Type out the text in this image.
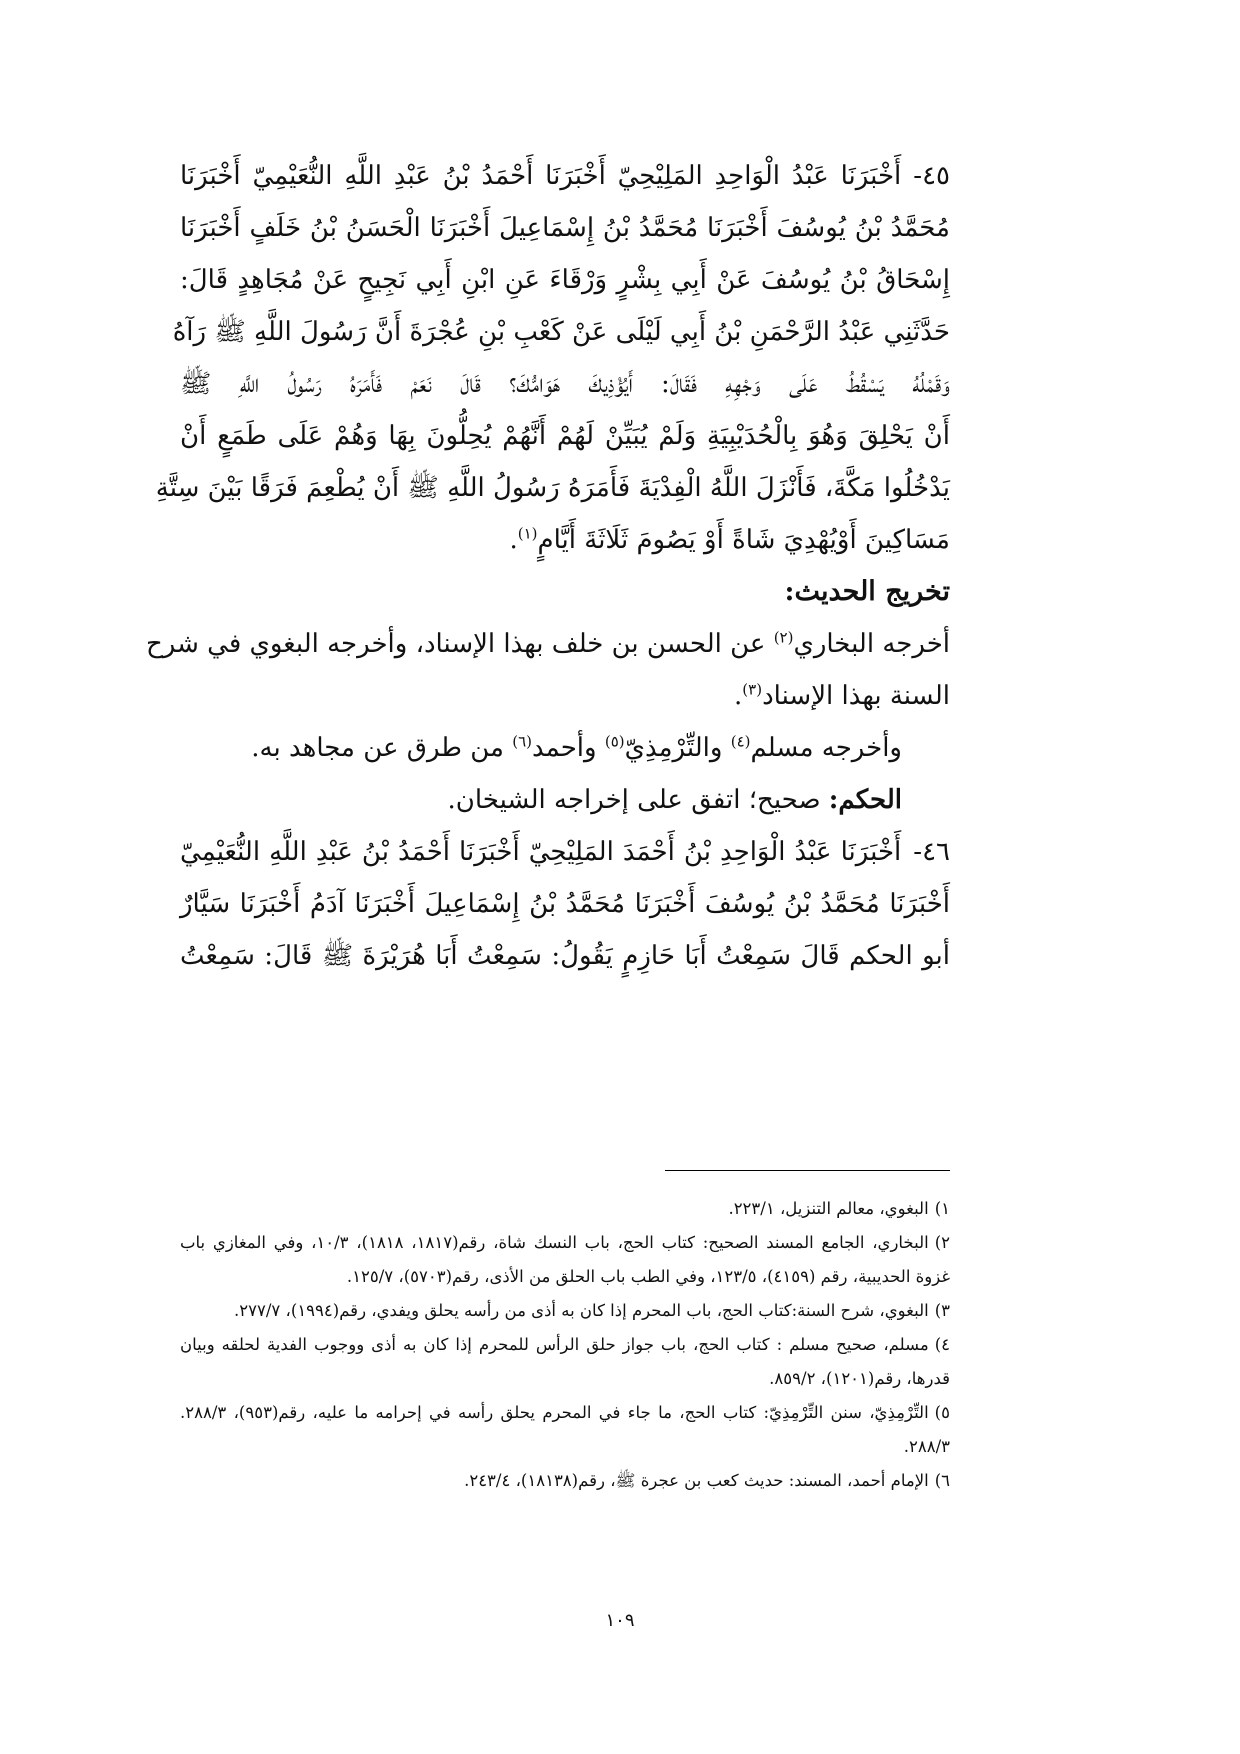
٤٥-أَخْبَرَنَا عَبْدُ الْوَاحِدِ المَلِيْحِيّ أَخْبَرَنَا أَحْمَدُ بْنُ عَبْدِ اللَّهِ النُّعَيْمِيّ أَخْبَرَنَا
مُحَمَّدُ بْنُ يُوسُفَ أَخْبَرَنَا مُحَمَّدُ بْنُ إِسْمَاعِيلَ أَخْبَرَنَا الْحَسَنُ بْنُ خَلَفٍ أَخْبَرَنَا
إِسْحَاقُ بْنُ يُوسُفَ عَنْ أَبِي بِشْرٍ وَرْقَاءَ عَنِ ابْنِ أَبِي نَجِيحٍ عَنْ مُجَاهِدٍ قَالَ:
حَدَّثَنِي عَبْدُ الرَّحْمَنِ بْنُ أَبِي لَيْلَى عَنْ كَعْبِ بْنِ عُجْرَةَ أَنَّ رَسُولَ اللَّهِ ﷺ رَآهُ
وَقَمْلُهُ يَسْقُطُ عَلَى وَجْهِهِ فَقَالَ: أَيُؤْذِيكَ هَوَامُّكَ؟ قَالَ نَعَمْ فَأَمَرَهُ رَسُولُ اللَّهِ ﷺ
أَنْ يَحْلِقَ وَهُوَ بِالْحُدَيْبِيَةِ وَلَمْ يُبَيِّنْ لَهُمْ أَنَّهُمْ يُحِلُّونَ بِهَا وَهُمْ عَلَى طَمَعٍ أَنْ
يَدْخُلُوا مَكَّةَ، فَأَنْزَلَ اللَّهُ الْفِدْيَةَ فَأَمَرَهُ رَسُولُ اللَّهِ ﷺ أَنْ يُطْعِمَ فَرَقًا بَيْنَ سِتَّةِ
مَسَاكِينَ أَوْيُهْدِيَ شَاةً أَوْ يَصُومَ ثَلَاثَةَ أَيَّامٍ$^{(١)}$.
تخريج الحديث:
أخرجه البخاري$^{(٢)}$ عن الحسن بن خلف بهذا الإسناد، وأخرجه البغوي في شرح
السنة بهذا الإسناد$^{(٣)}$.
وأخرجه مسلم$^{(٤)}$ والتِّرْمِذِيّ$^{(٥)}$ وأحمد$^{(٦)}$ من طرق عن مجاهد به.
الحكم: صحيح؛ اتفق على إخراجه الشيخان.
٤٦-أَخْبَرَنَا عَبْدُ الْوَاحِدِ بْنُ أَحْمَدَ المَلِيْحِيّ أَخْبَرَنَا أَحْمَدُ بْنُ عَبْدِ اللَّهِ النُّعَيْمِيّ
أَخْبَرَنَا مُحَمَّدُ بْنُ يُوسُفَ أَخْبَرَنَا مُحَمَّدُ بْنُ إِسْمَاعِيلَ أَخْبَرَنَا آدَمُ أَخْبَرَنَا سَيَّارٌ
أبو الحكم قَالَ سَمِعْتُ أَبَا حَازِمٍ يَقُولُ: سَمِعْتُ أَبَا هُرَيْرَةَ ﷺ قَالَ: سَمِعْتُ
١)البغوي، معالم التنزيل، ٢٢٣/١.
٢)البخاري، الجامع المسند الصحيح: كتاب الحج، باب النسك شاة، رقم(١٨١٧، ١٨١٨)، ١٠/٣، وفي المغازي باب غزوة الحديبية، رقم (٤١٥٩)، ١٢٣/٥، وفي الطب باب الحلق من الأذى، رقم(٥٧٠٣)، ١٢٥/٧.
٣)البغوي، شرح السنة:كتاب الحج، باب المحرم إذا كان به أذى من رأسه يحلق ويفدي، رقم(١٩٩٤)، ٢٧٧/٧.
٤)مسلم، صحيح مسلم : كتاب الحج، باب جواز حلق الرأس للمحرم إذا كان به أذى ووجوب الفدية لحلقه وبيان قدرها، رقم(١٢٠١)، ٨٥٩/٢.
٥)التِّرْمِذِيّ، سنن التِّرْمِذِيّ: كتاب الحج، ما جاء في المحرم يحلق رأسه في إحرامه ما عليه، رقم(٩٥٣)، ٢٨٨/٣. ٢٨٨/٣.
٦)الإمام أحمد، المسند: حديث كعب بن عجرة ﷺ، رقم(١٨١٣٨)، ٢٤٣/٤.
١٠٩
